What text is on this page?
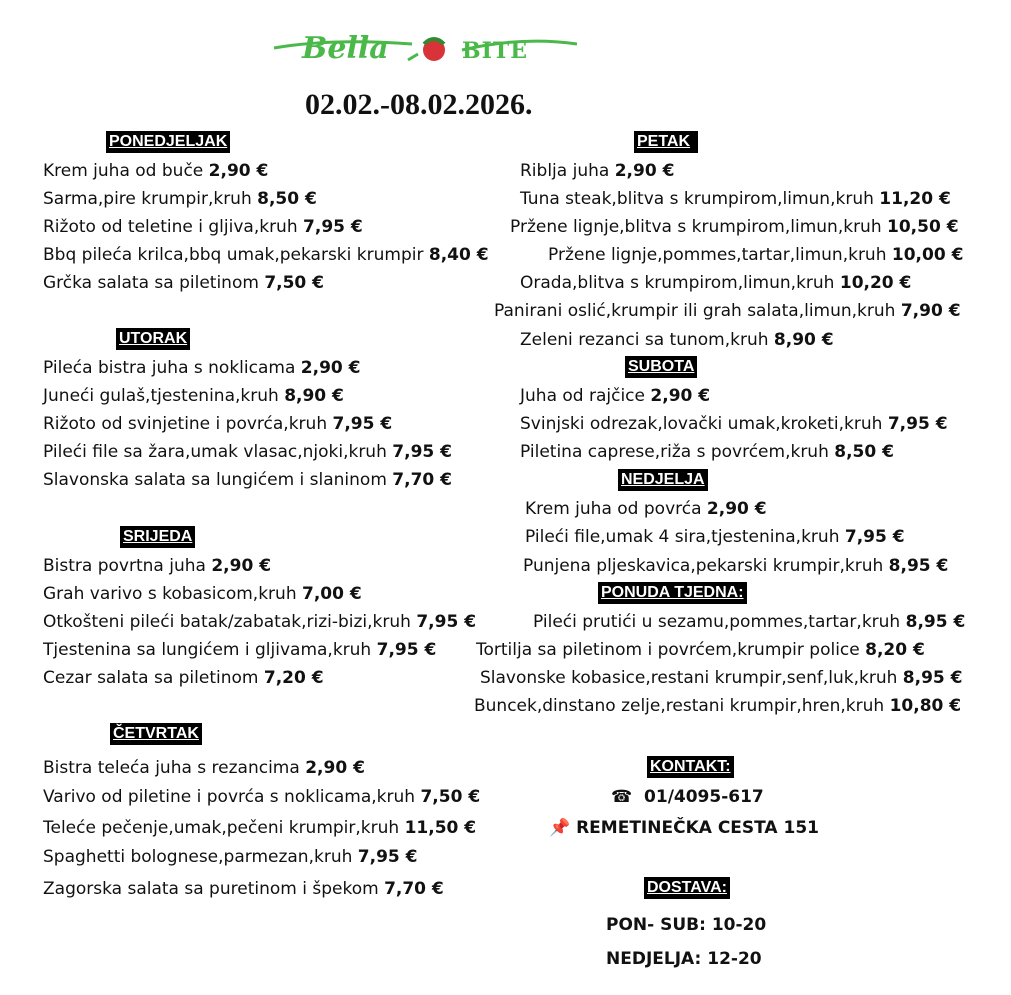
Bella	BITE
02.02.-08.02.2026.
PONEDJELJAK
Krem juha od buče 2,90 €
Sarma,pire krumpir,kruh 8,50 €
Rižoto od teletine i gljiva,kruh 7,95 €
Bbq pileća krilca,bbq umak,pekarski krumpir 8,40 €
Grčka salata sa piletinom 7,50 €
UTORAK
Pileća bistra juha s noklicama 2,90 €
Juneći gulaš,tjestenina,kruh 8,90 €
Rižoto od svinjetine i povrća,kruh 7,95 €
Pileći file sa žara,umak vlasac,njoki,kruh 7,95 €
Slavonska salata sa lungićem i slaninom 7,70 €
SRIJEDA
Bistra povrtna juha 2,90 €
Grah varivo s kobasicom,kruh 7,00 €
Otkošteni pileći batak/zabatak,rizi-bizi,kruh 7,95 €
Tjestenina sa lungićem i gljivama,kruh 7,95 €
Cezar salata sa piletinom 7,20 €
ČETVRTAK
Bistra teleća juha s rezancima 2,90 €
Varivo od piletine i povrća s noklicama,kruh 7,50 €
Teleće pečenje,umak,pečeni krumpir,kruh 11,50 €
Spaghetti bolognese,parmezan,kruh 7,95 €
Zagorska salata sa puretinom i špekom 7,70 €
PETAK
Riblja juha 2,90 €
Tuna steak,blitva s krumpirom,limun,kruh 11,20 €
Pržene lignje,blitva s krumpirom,limun,kruh 10,50 €
Pržene lignje,pommes,tartar,limun,kruh 10,00 €
Orada,blitva s krumpirom,limun,kruh 10,20 €
Panirani oslić,krumpir ili grah salata,limun,kruh 7,90 €
Zeleni rezanci sa tunom,kruh 8,90 €
SUBOTA
Juha od rajčice 2,90 €
Svinjski odrezak,lovački umak,kroketi,kruh 7,95 €
Piletina caprese,riža s povrćem,kruh 8,50 €
NEDJELJA
Krem juha od povrća 2,90 €
Pileći file,umak 4 sira,tjestenina,kruh 7,95 €
Punjena pljeskavica,pekarski krumpir,kruh 8,95 €
PONUDA TJEDNA:
Pileći prutići u sezamu,pommes,tartar,kruh 8,95 €
Tortilja sa piletinom i povrćem,krumpir police 8,20 €
Slavonske kobasice,restani krumpir,senf,luk,kruh 8,95 €
Buncek,dinstano zelje,restani krumpir,hren,kruh 10,80 €
KONTAKT:
☎ 01/4095-617
📌 REMETINEČKA CESTA 151
DOSTAVA:
PON- SUB: 10-20
NEDJELJA: 12-20
